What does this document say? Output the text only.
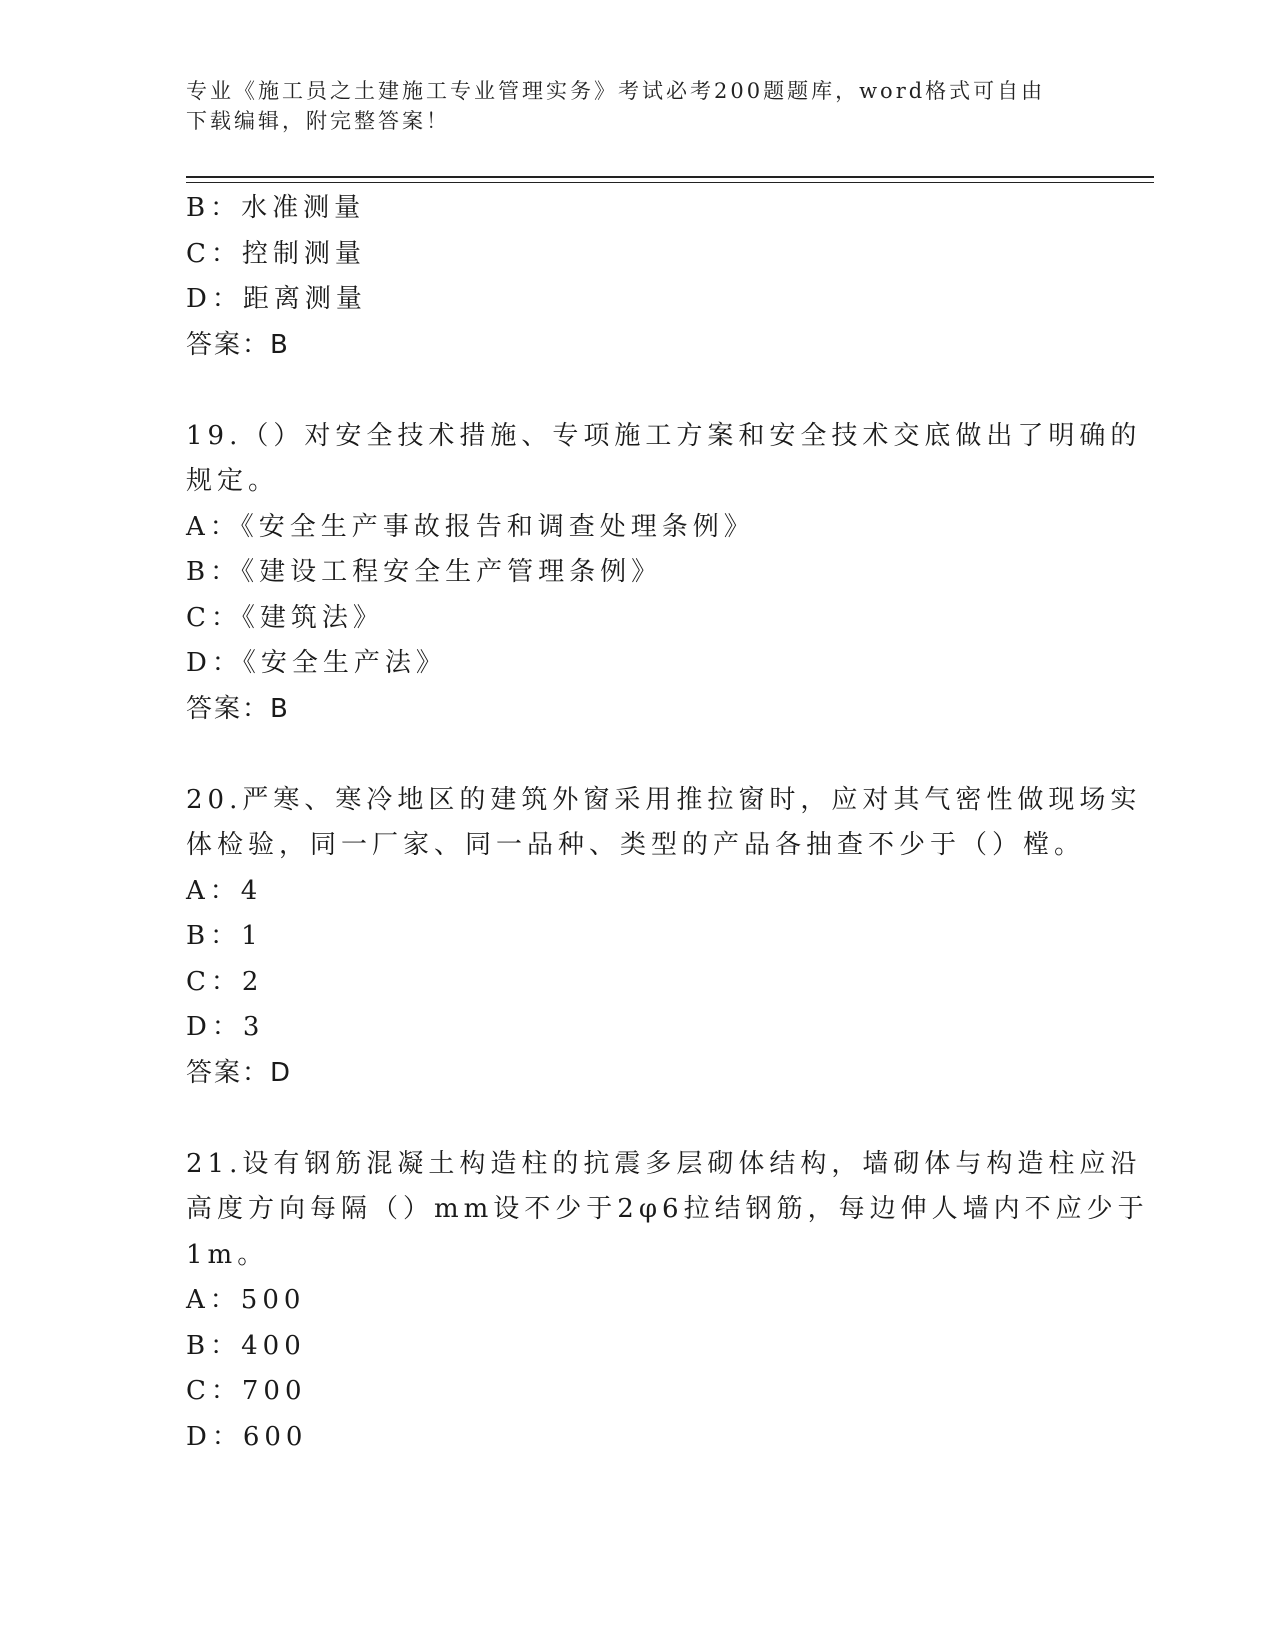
专业《施工员之土建施工专业管理实务》考试必考200题题库，word格式可自由
下载编辑，附完整答案！
B：水准测量
C：控制测量
D：距离测量
答案：B
19.（）对安全技术措施、专项施工方案和安全技术交底做出了明确的
规定。
A：《安全生产事故报告和调查处理条例》
B：《建设工程安全生产管理条例》
C：《建筑法》
D：《安全生产法》
答案：B
20.严寒、寒冷地区的建筑外窗采用推拉窗时，应对其气密性做现场实
体检验，同一厂家、同一品种、类型的产品各抽查不少于（）樘。
A：4
B：1
C：2
D：3
答案：D
21.设有钢筋混凝土构造柱的抗震多层砌体结构，墙砌体与构造柱应沿
高度方向每隔（）mm设不少于2φ6拉结钢筋，每边伸人墙内不应少于
1m。
A：500
B：400
C：700
D：600
